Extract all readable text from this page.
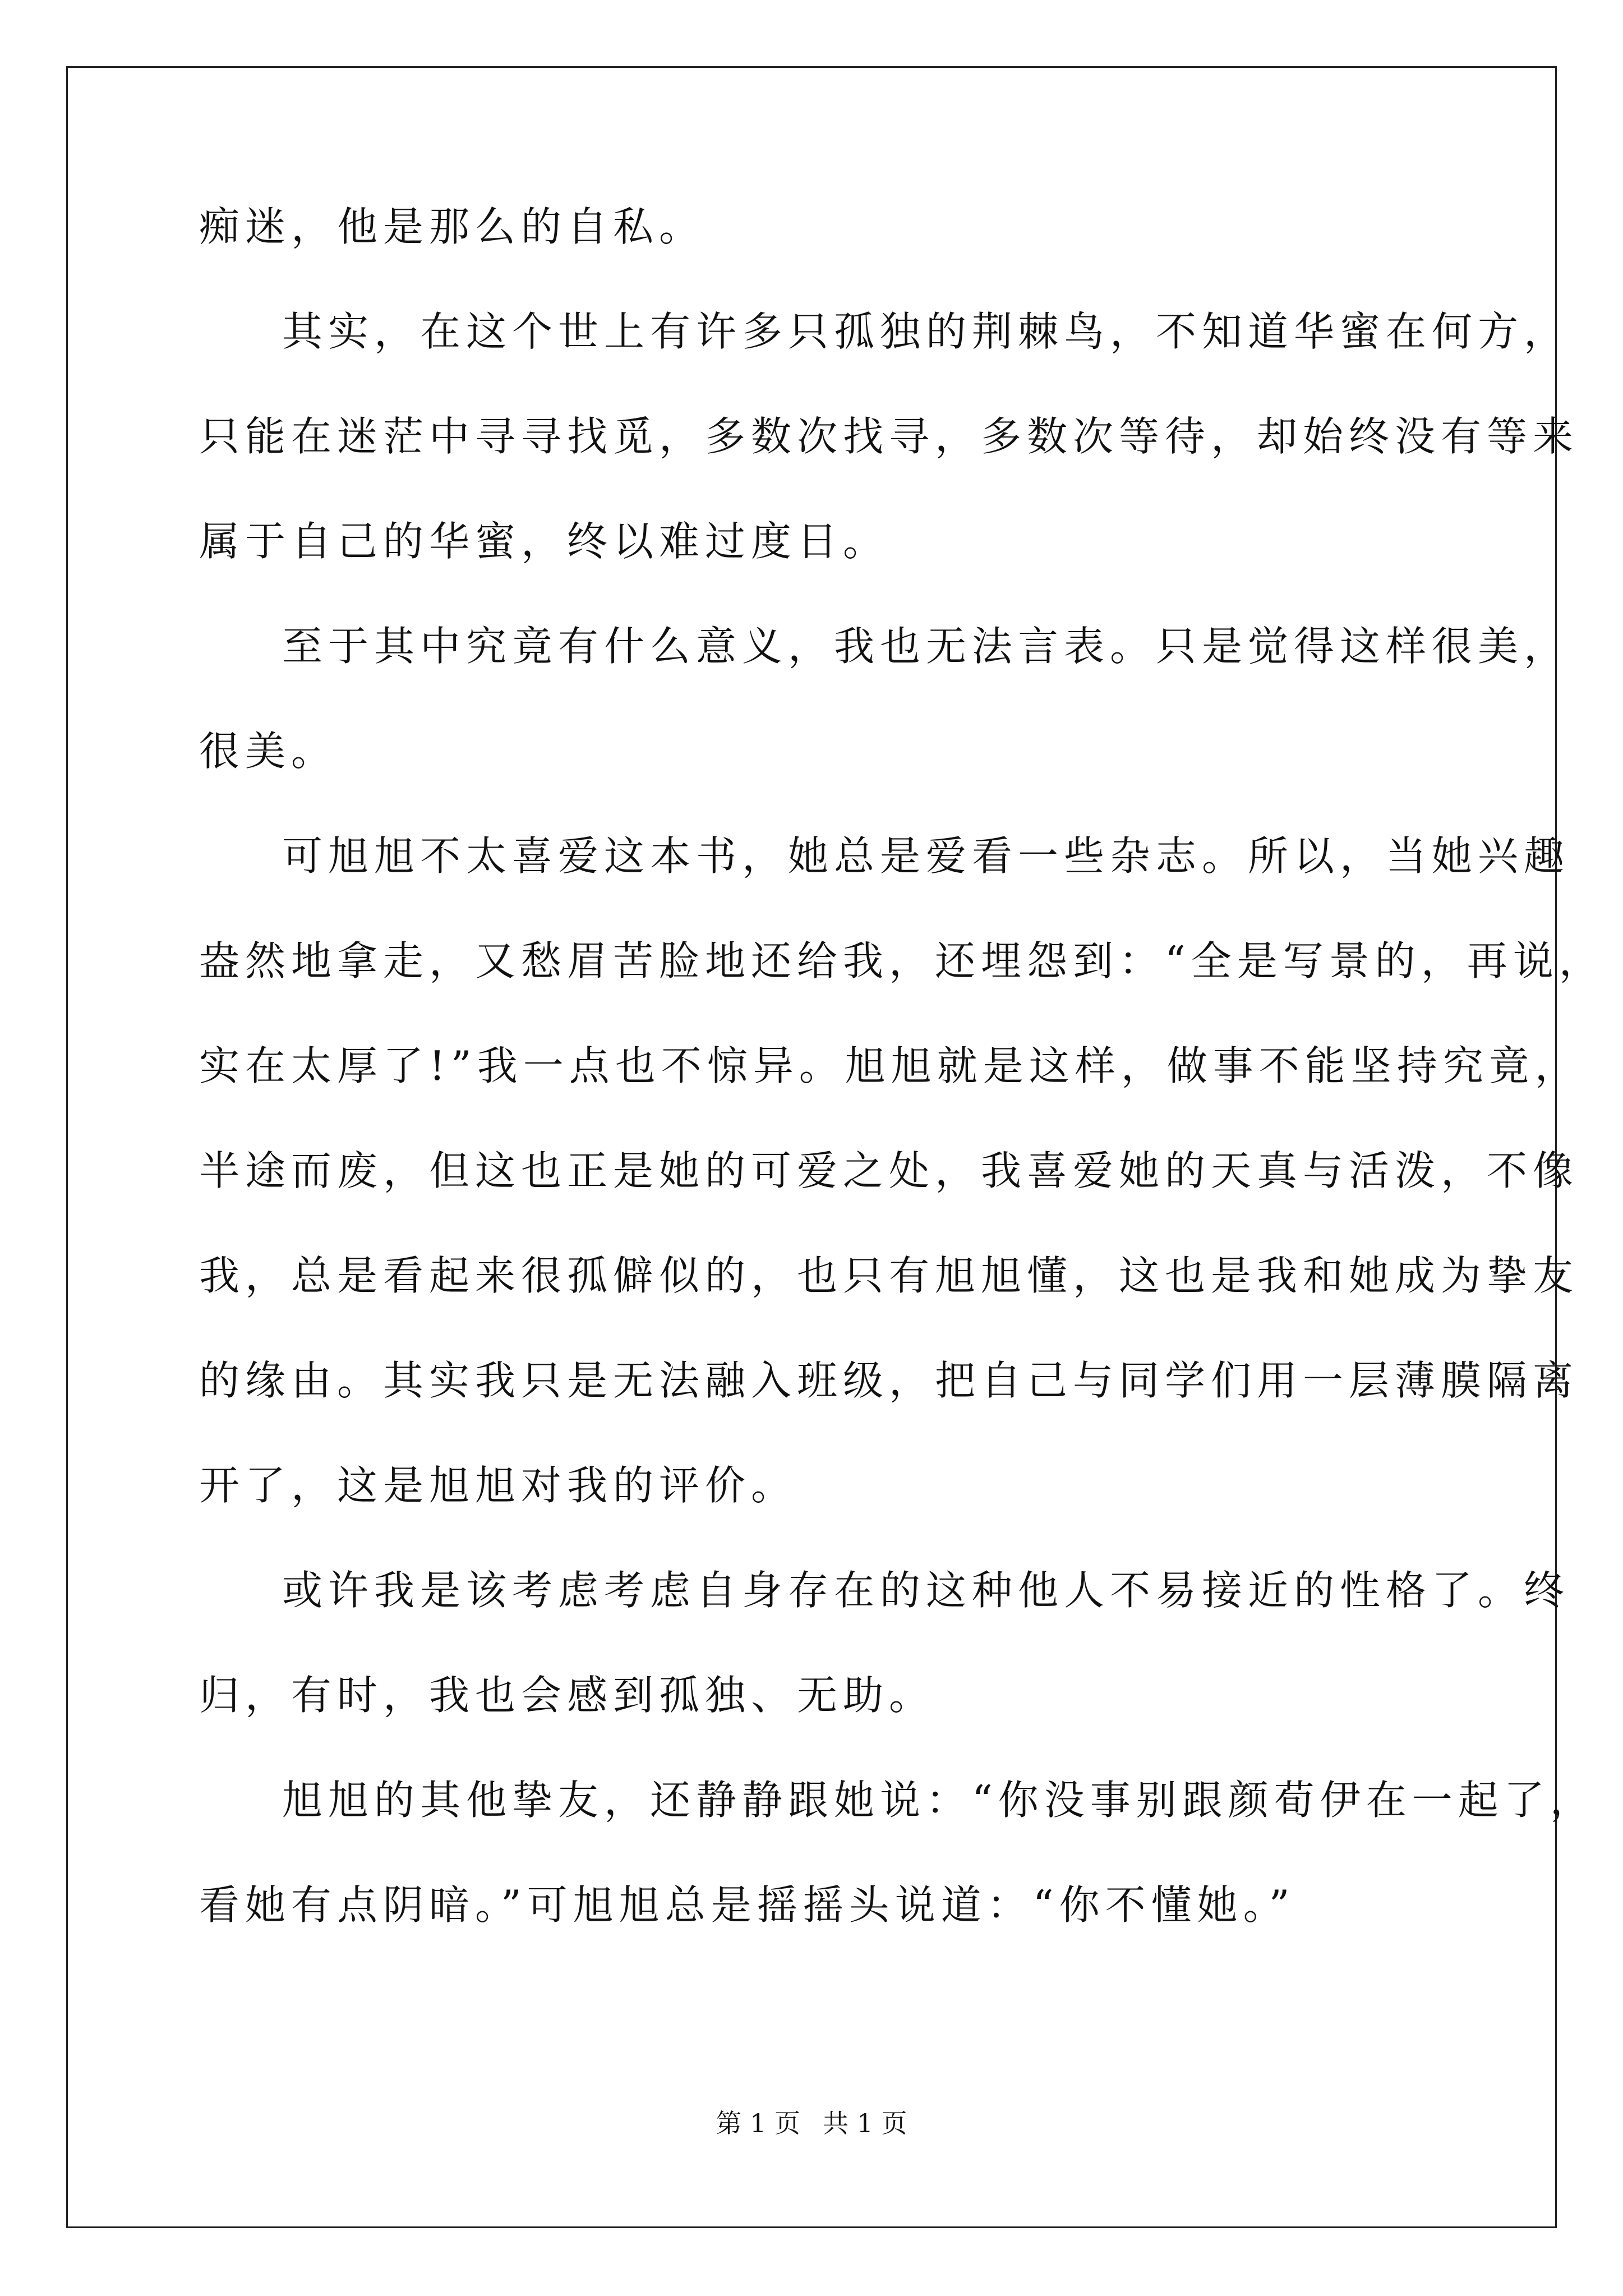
痴迷，他是那么的自私。
其实，在这个世上有许多只孤独的荆棘鸟，不知道华蜜在何方，
只能在迷茫中寻寻找觅，多数次找寻，多数次等待，却始终没有等来
属于自己的华蜜，终以难过度日。
至于其中究竟有什么意义，我也无法言表。只是觉得这样很美，
很美。
可旭旭不太喜爱这本书，她总是爱看一些杂志。所以，当她兴趣
盎然地拿走，又愁眉苦脸地还给我，还埋怨到：“全是写景的，再说，
实在太厚了!”我一点也不惊异。旭旭就是这样，做事不能坚持究竟，
半途而废，但这也正是她的可爱之处，我喜爱她的天真与活泼，不像
我，总是看起来很孤僻似的，也只有旭旭懂，这也是我和她成为挚友
的缘由。其实我只是无法融入班级，把自己与同学们用一层薄膜隔离
开了，这是旭旭对我的评价。
或许我是该考虑考虑自身存在的这种他人不易接近的性格了。终
归，有时，我也会感到孤独、无助。
旭旭的其他挚友，还静静跟她说：“你没事别跟颜荀伊在一起了，
看她有点阴暗。”可旭旭总是摇摇头说道：“你不懂她。”
第 1 页 共 1 页
